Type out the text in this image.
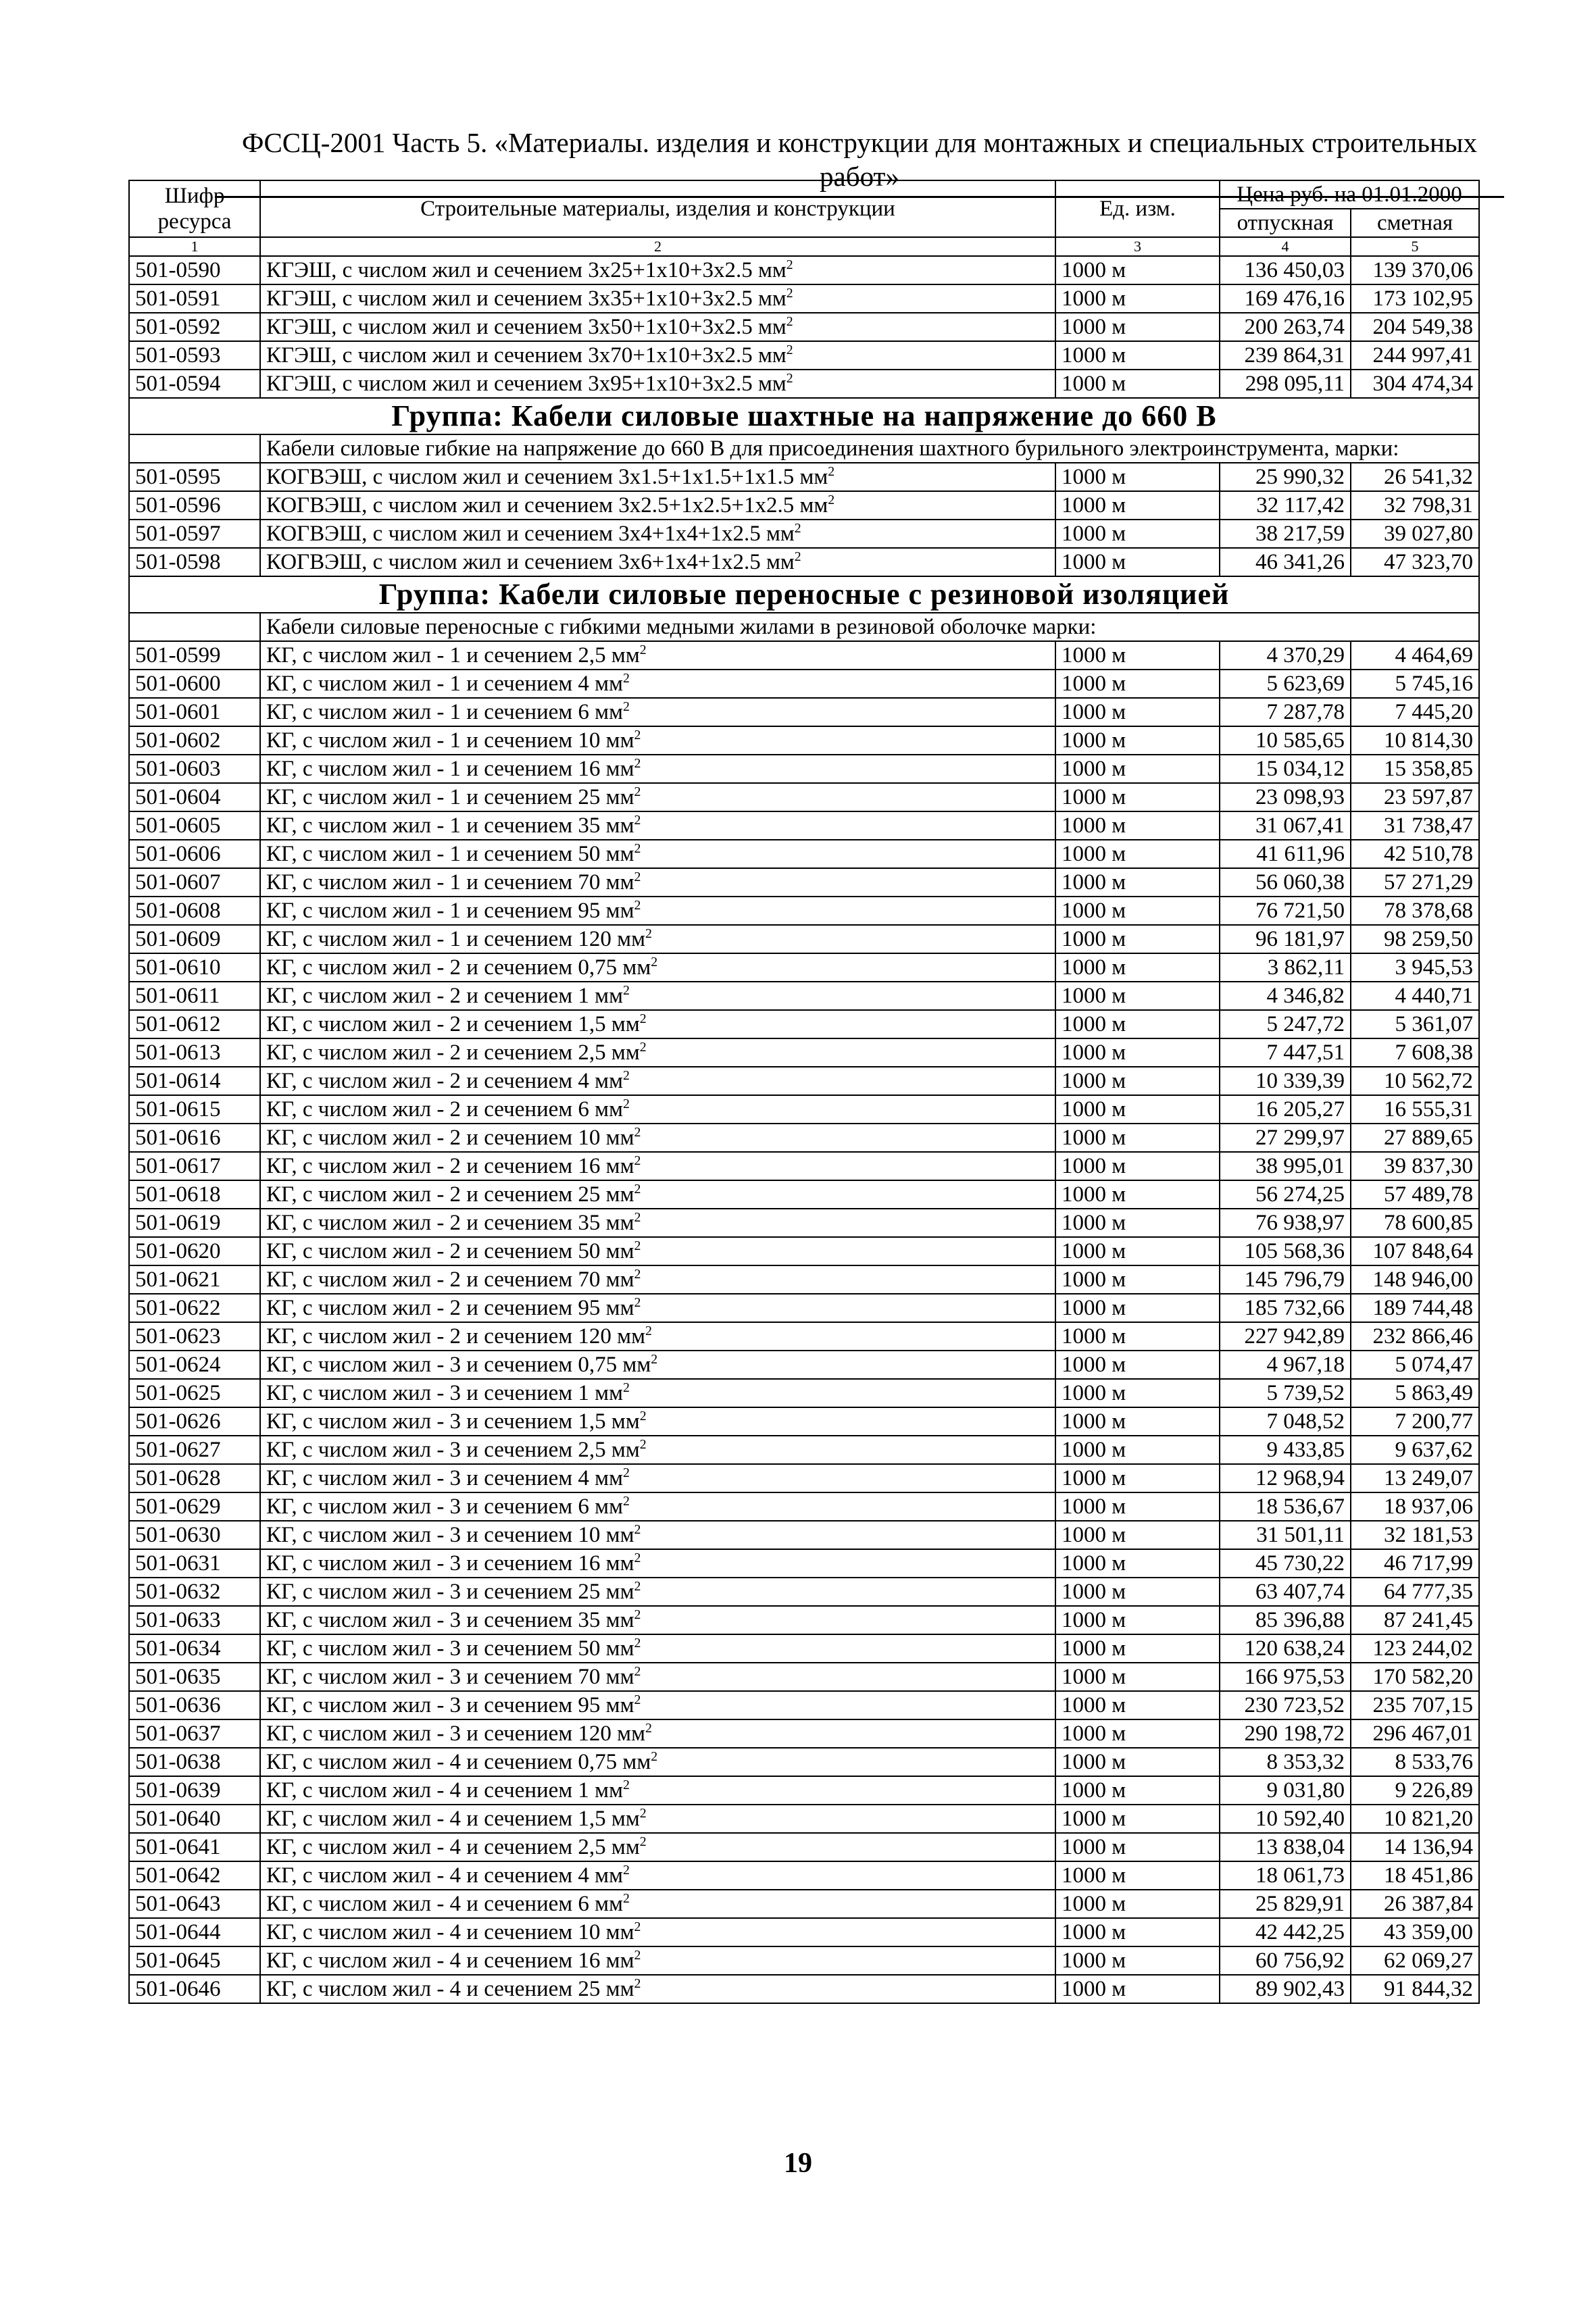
ФССЦ-2001 Часть 5. «Материалы. изделия и конструкции для монтажных и специальных строительных работ»
Шифр ресурса	Строительные материалы, изделия и конструкции	Ед. изм.	Цена руб. на 01.01.2000	
			отпускная	сметная
1	2	3	4	5
501-0590	КГЭШ, с числом жил и сечением 3х25+1х10+3х2.5 $мм^2$	1000 м	136 450,03	139 370,06
501-0591	КГЭШ, с числом жил и сечением 3х35+1х10+3х2.5 $мм^2$	1000 м	169 476,16	173 102,95
501-0592	КГЭШ, с числом жил и сечением 3х50+1х10+3х2.5 $мм^2$	1000 м	200 263,74	204 549,38
501-0593	КГЭШ, с числом жил и сечением 3х70+1х10+3х2.5 $мм^2$	1000 м	239 864,31	244 997,41
501-0594	КГЭШ, с числом жил и сечением 3х95+1х10+3х2.5 $мм^2$	1000 м	298 095,11	304 474,34
Группа: Кабели силовые шахтные на напряжение до 660 В				
	Кабели силовые гибкие на напряжение до 660 В для присоединения шахтного бурильного электроинструмента, марки:			
501-0595	КОГВЭШ, с числом жил и сечением 3х1.5+1х1.5+1х1.5 $мм^2$	1000 м	25 990,32	26 541,32
501-0596	КОГВЭШ, с числом жил и сечением 3х2.5+1х2.5+1х2.5 $мм^2$	1000 м	32 117,42	32 798,31
501-0597	КОГВЭШ, с числом жил и сечением 3х4+1х4+1х2.5 $мм^2$	1000 м	38 217,59	39 027,80
501-0598	КОГВЭШ, с числом жил и сечением 3х6+1х4+1х2.5 $мм^2$	1000 м	46 341,26	47 323,70
Группа: Кабели силовые переносные с резиновой изоляцией				
	Кабели силовые переносные с гибкими медными жилами в резиновой оболочке марки:			
501-0599	КГ, с числом жил - 1 и сечением 2,5 $мм^2$	1000 м	4 370,29	4 464,69
501-0600	КГ, с числом жил - 1 и сечением 4 $мм^2$	1000 м	5 623,69	5 745,16
501-0601	КГ, с числом жил - 1 и сечением 6 $мм^2$	1000 м	7 287,78	7 445,20
501-0602	КГ, с числом жил - 1 и сечением 10 $мм^2$	1000 м	10 585,65	10 814,30
501-0603	КГ, с числом жил - 1 и сечением 16 $мм^2$	1000 м	15 034,12	15 358,85
501-0604	КГ, с числом жил - 1 и сечением 25 $мм^2$	1000 м	23 098,93	23 597,87
501-0605	КГ, с числом жил - 1 и сечением 35 $мм^2$	1000 м	31 067,41	31 738,47
501-0606	КГ, с числом жил - 1 и сечением 50 $мм^2$	1000 м	41 611,96	42 510,78
501-0607	КГ, с числом жил - 1 и сечением 70 $мм^2$	1000 м	56 060,38	57 271,29
501-0608	КГ, с числом жил - 1 и сечением 95 $мм^2$	1000 м	76 721,50	78 378,68
501-0609	КГ, с числом жил - 1 и сечением 120 $мм^2$	1000 м	96 181,97	98 259,50
501-0610	КГ, с числом жил - 2 и сечением 0,75 $мм^2$	1000 м	3 862,11	3 945,53
501-0611	КГ, с числом жил - 2 и сечением 1 $мм^2$	1000 м	4 346,82	4 440,71
501-0612	КГ, с числом жил - 2 и сечением 1,5 $мм^2$	1000 м	5 247,72	5 361,07
501-0613	КГ, с числом жил - 2 и сечением 2,5 $мм^2$	1000 м	7 447,51	7 608,38
501-0614	КГ, с числом жил - 2 и сечением 4 $мм^2$	1000 м	10 339,39	10 562,72
501-0615	КГ, с числом жил - 2 и сечением 6 $мм^2$	1000 м	16 205,27	16 555,31
501-0616	КГ, с числом жил - 2 и сечением 10 $мм^2$	1000 м	27 299,97	27 889,65
501-0617	КГ, с числом жил - 2 и сечением 16 $мм^2$	1000 м	38 995,01	39 837,30
501-0618	КГ, с числом жил - 2 и сечением 25 $мм^2$	1000 м	56 274,25	57 489,78
501-0619	КГ, с числом жил - 2 и сечением 35 $мм^2$	1000 м	76 938,97	78 600,85
501-0620	КГ, с числом жил - 2 и сечением 50 $мм^2$	1000 м	105 568,36	107 848,64
501-0621	КГ, с числом жил - 2 и сечением 70 $мм^2$	1000 м	145 796,79	148 946,00
501-0622	КГ, с числом жил - 2 и сечением 95 $мм^2$	1000 м	185 732,66	189 744,48
501-0623	КГ, с числом жил - 2 и сечением 120 $мм^2$	1000 м	227 942,89	232 866,46
501-0624	КГ, с числом жил - 3 и сечением 0,75 $мм^2$	1000 м	4 967,18	5 074,47
501-0625	КГ, с числом жил - 3 и сечением 1 $мм^2$	1000 м	5 739,52	5 863,49
501-0626	КГ, с числом жил - 3 и сечением 1,5 $мм^2$	1000 м	7 048,52	7 200,77
501-0627	КГ, с числом жил - 3 и сечением 2,5 $мм^2$	1000 м	9 433,85	9 637,62
501-0628	КГ, с числом жил - 3 и сечением 4 $мм^2$	1000 м	12 968,94	13 249,07
501-0629	КГ, с числом жил - 3 и сечением 6 $мм^2$	1000 м	18 536,67	18 937,06
501-0630	КГ, с числом жил - 3 и сечением 10 $мм^2$	1000 м	31 501,11	32 181,53
501-0631	КГ, с числом жил - 3 и сечением 16 $мм^2$	1000 м	45 730,22	46 717,99
501-0632	КГ, с числом жил - 3 и сечением 25 $мм^2$	1000 м	63 407,74	64 777,35
501-0633	КГ, с числом жил - 3 и сечением 35 $мм^2$	1000 м	85 396,88	87 241,45
501-0634	КГ, с числом жил - 3 и сечением 50 $мм^2$	1000 м	120 638,24	123 244,02
501-0635	КГ, с числом жил - 3 и сечением 70 $мм^2$	1000 м	166 975,53	170 582,20
501-0636	КГ, с числом жил - 3 и сечением 95 $мм^2$	1000 м	230 723,52	235 707,15
501-0637	КГ, с числом жил - 3 и сечением 120 $мм^2$	1000 м	290 198,72	296 467,01
501-0638	КГ, с числом жил - 4 и сечением 0,75 $мм^2$	1000 м	8 353,32	8 533,76
501-0639	КГ, с числом жил - 4 и сечением 1 $мм^2$	1000 м	9 031,80	9 226,89
501-0640	КГ, с числом жил - 4 и сечением 1,5 $мм^2$	1000 м	10 592,40	10 821,20
501-0641	КГ, с числом жил - 4 и сечением 2,5 $мм^2$	1000 м	13 838,04	14 136,94
501-0642	КГ, с числом жил - 4 и сечением 4 $мм^2$	1000 м	18 061,73	18 451,86
501-0643	КГ, с числом жил - 4 и сечением 6 $мм^2$	1000 м	25 829,91	26 387,84
501-0644	КГ, с числом жил - 4 и сечением 10 $мм^2$	1000 м	42 442,25	43 359,00
501-0645	КГ, с числом жил - 4 и сечением 16 $мм^2$	1000 м	60 756,92	62 069,27
501-0646	КГ, с числом жил - 4 и сечением 25 $мм^2$	1000 м	89 902,43	91 844,32
19
